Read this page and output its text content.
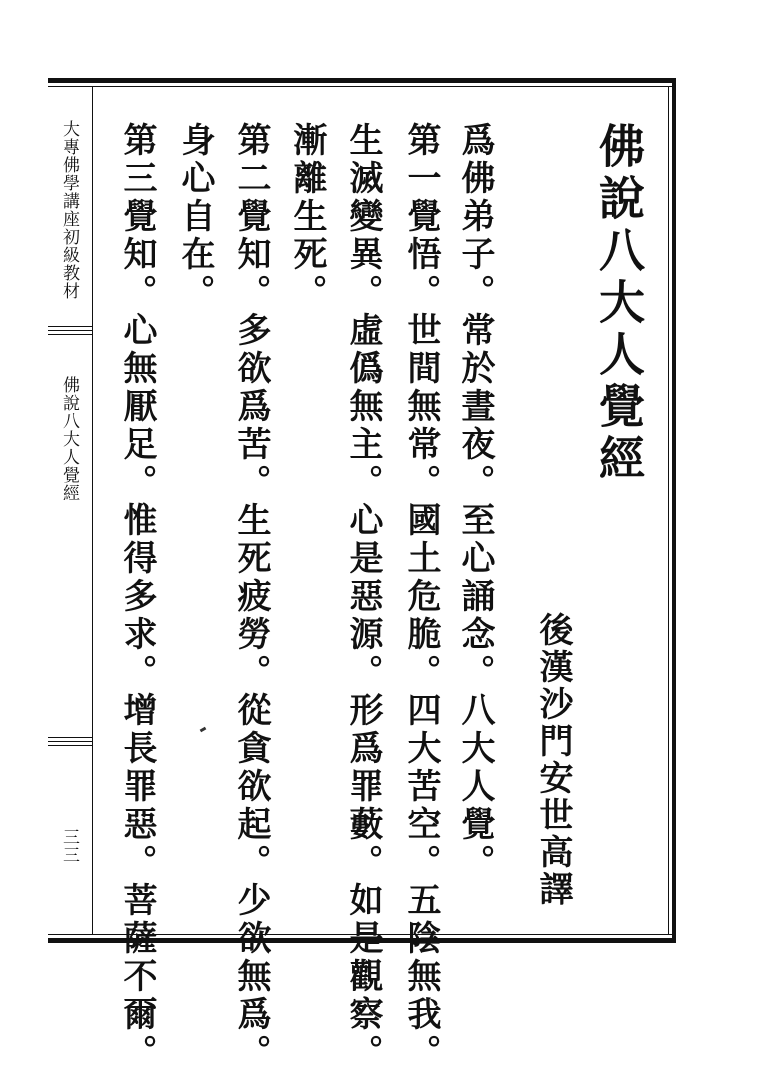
大專佛學講座初級教材
佛說八大人覺經
三三
佛說八大人覺經
後漢沙門安世高譯
爲佛弟子。常於晝夜。至心誦念。八大人覺。
第一覺悟。世間無常。國土危脆。四大苦空。五陰無我。
生滅變異。虛僞無主。心是惡源。形爲罪藪。如是觀察。
漸離生死。
第二覺知。多欲爲苦。生死疲勞。從貪欲起。少欲無爲。
身心自在。
第三覺知。心無厭足。惟得多求。增長罪惡。菩薩不爾。
